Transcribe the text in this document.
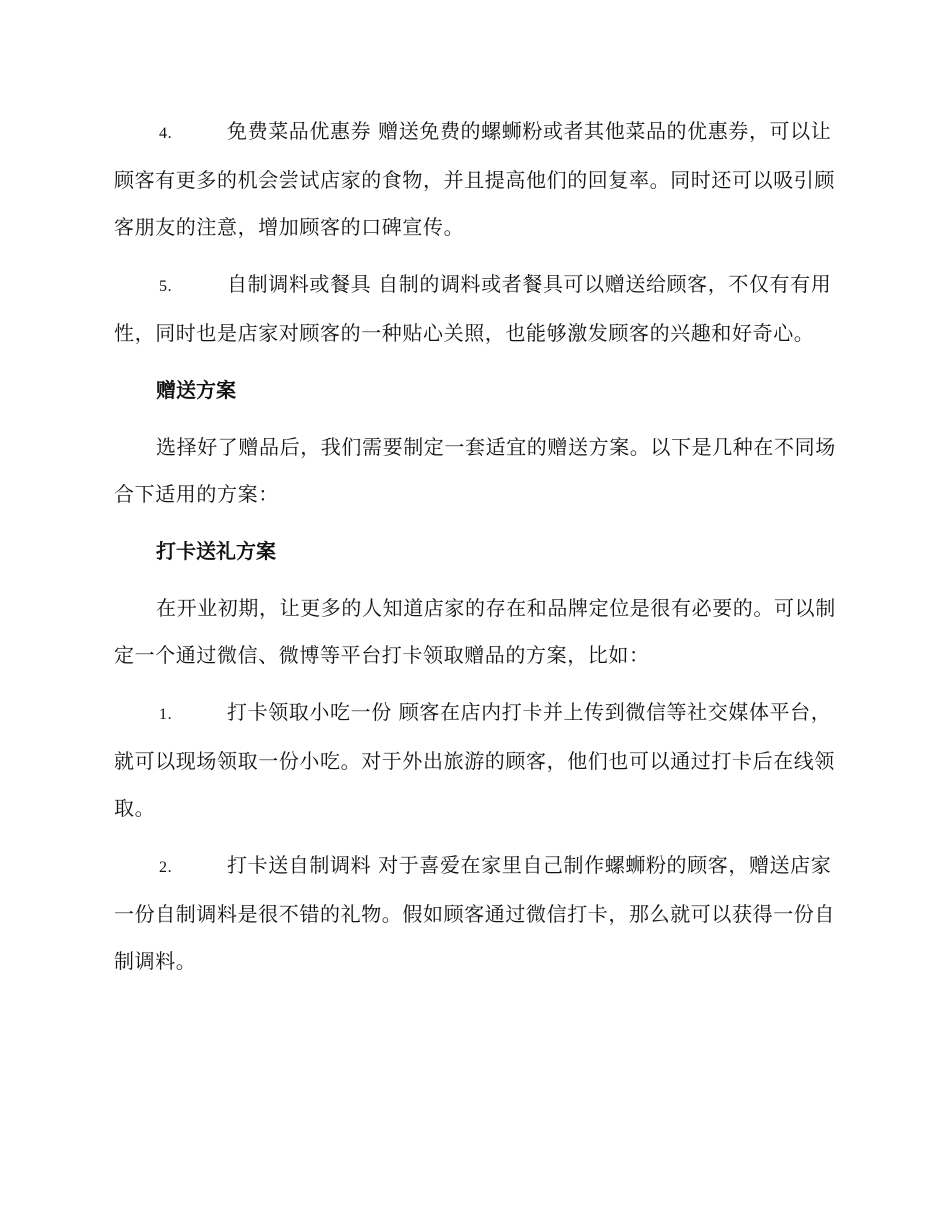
4.	免费菜品优惠券 赠送免费的螺蛳粉或者其他菜品的优惠券，可以让顾客有更多的机会尝试店家的食物，并且提高他们的回复率。同时还可以吸引顾客朋友的注意，增加顾客的口碑宣传。

5.	自制调料或餐具 自制的调料或者餐具可以赠送给顾客，不仅有有用性，同时也是店家对顾客的一种贴心关照，也能够激发顾客的兴趣和好奇心。

赠送方案

选择好了赠品后，我们需要制定一套适宜的赠送方案。以下是几种在不同场合下适用的方案：

打卡送礼方案

在开业初期，让更多的人知道店家的存在和品牌定位是很有必要的。可以制定一个通过微信、微博等平台打卡领取赠品的方案，比如：

1.	打卡领取小吃一份 顾客在店内打卡并上传到微信等社交媒体平台，就可以现场领取一份小吃。对于外出旅游的顾客，他们也可以通过打卡后在线领取。

2.	打卡送自制调料 对于喜爱在家里自己制作螺蛳粉的顾客，赠送店家一份自制调料是很不错的礼物。假如顾客通过微信打卡，那么就可以获得一份自制调料。
